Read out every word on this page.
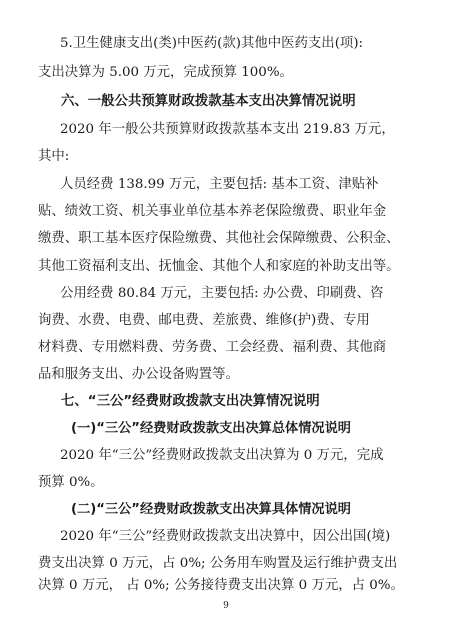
5.卫生健康支出(类)中医药(款)其他中医药支出(项):
支出决算为 5.00 万元，完成预算 100%。
六、一般公共预算财政拨款基本支出决算情况说明
2020 年一般公共预算财政拨款基本支出 219.83 万元，
其中:
人员经费 138.99 万元，主要包括: 基本工资、津贴补
贴、绩效工资、机关事业单位基本养老保险缴费、职业年金
缴费、职工基本医疗保险缴费、其他社会保障缴费、公积金、
其他工资福利支出、抚恤金、其他个人和家庭的补助支出等。
公用经费 80.84 万元，主要包括: 办公费、印刷费、咨
询费、水费、电费、邮电费、差旅费、维修(护)费、专用
材料费、专用燃料费、劳务费、工会经费、福利费、其他商
品和服务支出、办公设备购置等。
七、“三公”经费财政拨款支出决算情况说明
(一)“三公”经费财政拨款支出决算总体情况说明
2020 年“三公”经费财政拨款支出决算为 0 万元，完成
预算 0%。
(二)“三公”经费财政拨款支出决算具体情况说明
2020 年“三公”经费财政拨款支出决算中，因公出国(境)
费支出决算 0 万元，占 0%; 公务用车购置及运行维护费支出
决算 0 万元， 占 0%; 公务接待费支出决算 0 万元，占 0%。
9
